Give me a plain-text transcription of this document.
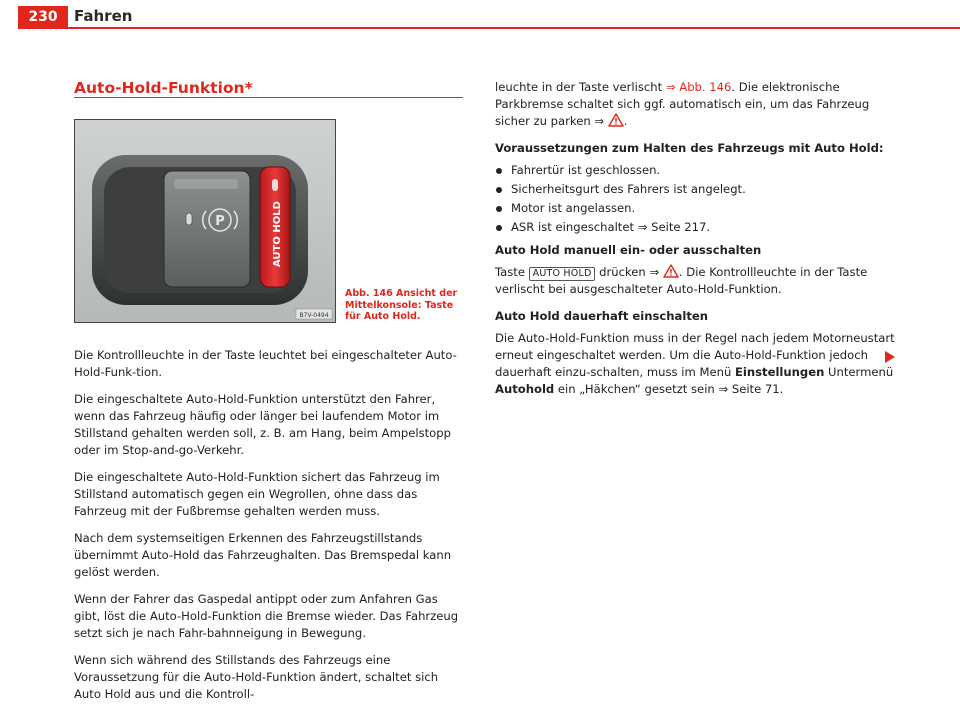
230	Fahren
Auto-Hold-Funktion*
P	AUTO HOLD
B7V-0494
Abb. 146 Ansicht der Mittelkonsole: Taste für Auto Hold.

Die Kontrollleuchte in der Taste leuchtet bei eingeschalteter Auto-Hold-Funk-tion.

Die eingeschaltete Auto-Hold-Funktion unterstützt den Fahrer, wenn das Fahrzeug häufig oder länger bei laufendem Motor im Stillstand gehalten werden soll, z. B. am Hang, beim Ampelstopp oder im Stop-and-go-Verkehr.

Die eingeschaltete Auto-Hold-Funktion sichert das Fahrzeug im Stillstand automatisch gegen ein Wegrollen, ohne dass das Fahrzeug mit der Fußbremse gehalten werden muss.

Nach dem systemseitigen Erkennen des Fahrzeugstillstands übernimmt Auto-Hold das Fahrzeughalten. Das Bremspedal kann gelöst werden.

Wenn der Fahrer das Gaspedal antippt oder zum Anfahren Gas gibt, löst die Auto-Hold-Funktion die Bremse wieder. Das Fahrzeug setzt sich je nach Fahr-bahnneigung in Bewegung.

Wenn sich während des Stillstands des Fahrzeugs eine Voraussetzung für die Auto-Hold-Funktion ändert, schaltet sich Auto Hold aus und die Kontroll-

leuchte in der Taste verlischt ⇒ Abb. 146. Die elektronische Parkbremse schaltet sich ggf. automatisch ein, um das Fahrzeug sicher zu parken ⇒ .

Voraussetzungen zum Halten des Fahrzeugs mit Auto Hold:

Fahrertür ist geschlossen.
Sicherheitsgurt des Fahrers ist angelegt.
Motor ist angelassen.
ASR ist eingeschaltet ⇒ Seite 217.

Auto Hold manuell ein- oder ausschalten

Taste AUTO HOLD drücken ⇒ . Die Kontrollleuchte in der Taste verlischt bei ausgeschalteter Auto-Hold-Funktion.

Auto Hold dauerhaft einschalten

Die Auto-Hold-Funktion muss in der Regel nach jedem Motorneustart erneut eingeschaltet werden. Um die Auto-Hold-Funktion jedoch dauerhaft einzu-schalten, muss im Menü Einstellungen Untermenü Autohold ein „Häkchen“ gesetzt sein ⇒ Seite 71.
